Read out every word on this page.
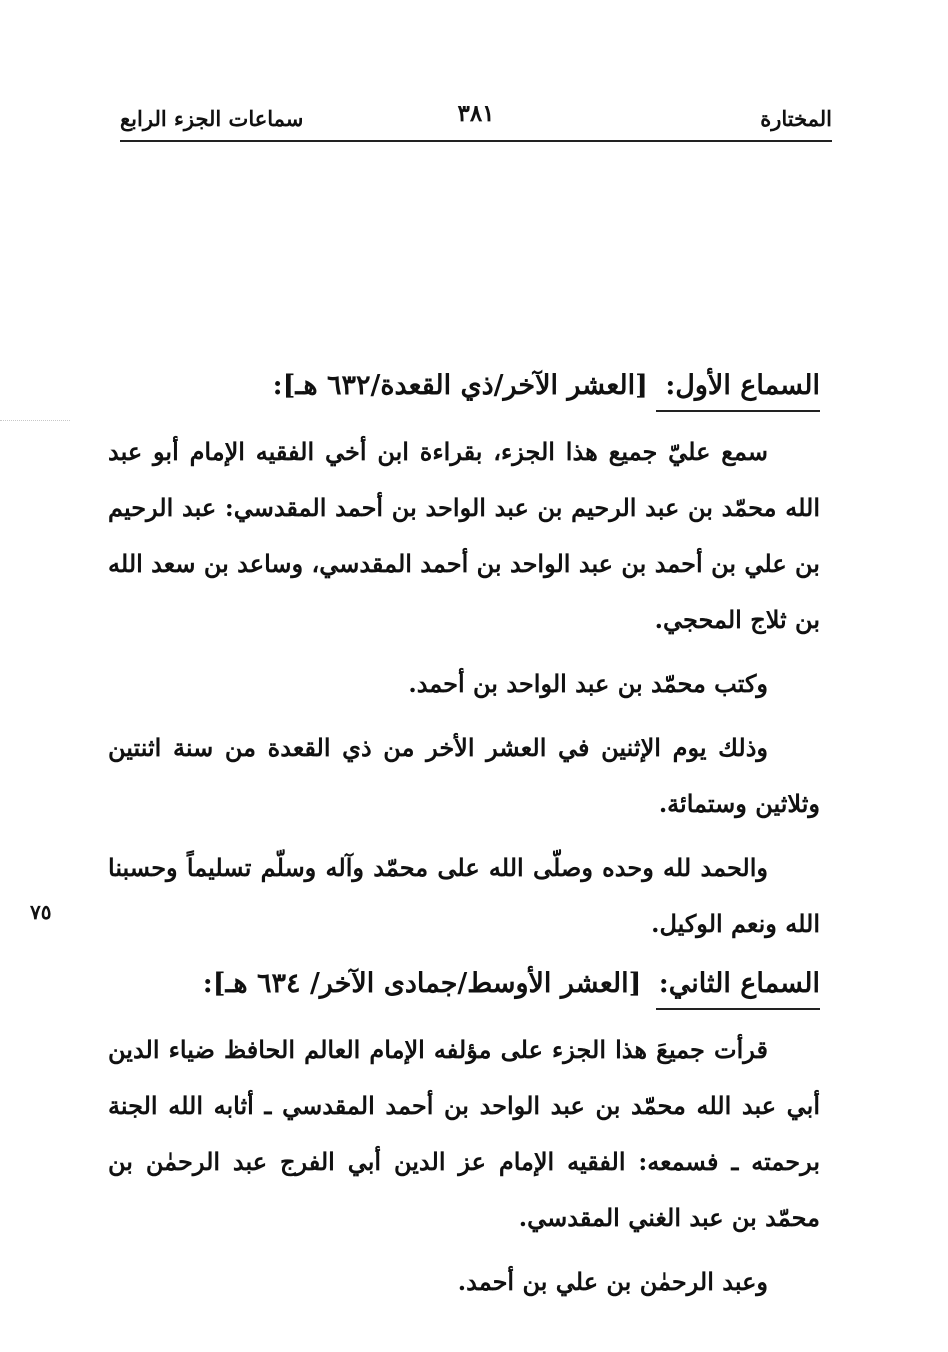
المختارة
٣٨١
سماعات الجزء الرابع
٧٥
السماع الأول: [العشر الآخر/ذي القعدة/٦٣٢ هـ]:

سمع عليّ جميع هذا الجزء، بقراءة ابن أخي الفقيه الإمام أبو عبد الله محمّد بن عبد الرحيم بن عبد الواحد بن أحمد المقدسي: عبد الرحيم بن علي بن أحمد بن عبد الواحد بن أحمد المقدسي، وساعد بن سعد الله بن ثلاج المحجي.

وكتب محمّد بن عبد الواحد بن أحمد.

وذلك يوم الإثنين في العشر الأخر من ذي القعدة من سنة اثنتين وثلاثين وستمائة.

والحمد لله وحده وصلّى الله على محمّد وآله وسلّم تسليماً وحسبنا الله ونعم الوكيل.

السماع الثاني: [العشر الأوسط/جمادى الآخر/ ٦٣٤ هـ]:

قرأت جميعَ هذا الجزء على مؤلفه الإمام العالم الحافظ ضياء الدين أبي عبد الله محمّد بن عبد الواحد بن أحمد المقدسي ـ أثابه الله الجنة برحمته ـ فسمعه: الفقيه الإمام عز الدين أبي الفرج عبد الرحمٰن بن محمّد بن عبد الغني المقدسي.

وعبد الرحمٰن بن علي بن أحمد.
